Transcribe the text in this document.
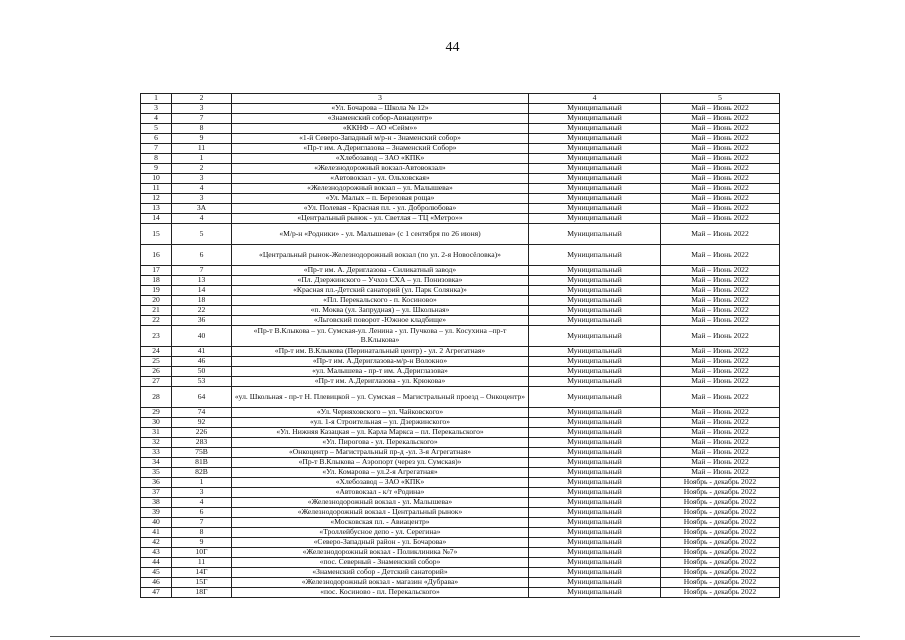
44
1	2	3	4	5
3	3	«Ул. Бочарова – Школа № 12»	Муниципальный	Май – Июнь 2022
4	7	«Знаменский собор-Авиацентр»	Муниципальный	Май – Июнь 2022
5	8	«ККНФ – АО «Сейм»»	Муниципальный	Май – Июнь 2022
6	9	«1-й Северо-Западный м/р-н - Знаменский собор»	Муниципальный	Май – Июнь 2022
7	11	«Пр-т им. А.Дериглазова – Знаменский Собор»	Муниципальный	Май – Июнь 2022
8	1	«Хлебозавод – ЗАО «КПК»	Муниципальный	Май – Июнь 2022
9	2	«Железнодорожный вокзал-Автовокзал»	Муниципальный	Май – Июнь 2022
10	3	«Автовокзал - ул. Ольховская»	Муниципальный	Май – Июнь 2022
11	4	«Железнодорожный вокзал – ул. Малышева»	Муниципальный	Май – Июнь 2022
12	3	«Ул. Малых – п. Березовая роща»	Муниципальный	Май – Июнь 2022
13	3А	«Ул. Полевая - Красная пл. - ул. Добролюбова»	Муниципальный	Май – Июнь 2022
14	4	«Центральный рынок - ул. Светлая – ТЦ «Метро»»	Муниципальный	Май – Июнь 2022
15	5	«М/р-н «Родники» - ул. Малышева» (с 1 сентября по 26 июня)	Муниципальный	Май – Июнь 2022
16	6	«Центральный рынок-Железнодорожный вокзал (по ул. 2-я Новосёловка)»	Муниципальный	Май – Июнь 2022
17	7	«Пр-т им. А. Дериглазова - Силикатный завод»	Муниципальный	Май – Июнь 2022
18	13	«Пл. Дзержинского – Учхоз СХА – ул. Понизовка»	Муниципальный	Май – Июнь 2022
19	14	«Красная пл.-Детский санаторий (ул. Парк Солянка)»	Муниципальный	Май – Июнь 2022
20	18	«Пл. Перекальского - п. Косиново»	Муниципальный	Май – Июнь 2022
21	22	«п. Моква (ул. Запрудная) – ул. Школьная»	Муниципальный	Май – Июнь 2022
22	36	«Льговский поворот -Южное кладбище»	Муниципальный	Май – Июнь 2022
23	40	«Пр-т В.Клыкова – ул. Сумская-ул. Ленина - ул. Пучкова – ул. Косухина –пр-т В.Клыкова»	Муниципальный	Май – Июнь 2022
24	41	«Пр-т им. В.Клыкова (Перинатальный центр) - ул. 2 Агрегатная»	Муниципальный	Май – Июнь 2022
25	46	«Пр-т им. А.Дериглазова-м/р-н Волокно»	Муниципальный	Май – Июнь 2022
26	50	«ул. Малышева - пр-т им. А.Дериглазова»	Муниципальный	Май – Июнь 2022
27	53	«Пр-т им. А.Дериглазова - ул. Крюкова»	Муниципальный	Май – Июнь 2022
28	64	«ул. Школьная - пр-т Н. Плевицкой – ул. Сумская – Магистральный проезд – Онкоцентр»	Муниципальный	Май – Июнь 2022
29	74	«Ул. Черняховского – ул. Чайковского»	Муниципальный	Май – Июнь 2022
30	92	«ул. 1-я Строительная – ул. Дзержинского»	Муниципальный	Май – Июнь 2022
31	226	«Ул. Нижняя Казацкая – ул. Карла Маркса – пл. Перекальского»	Муниципальный	Май – Июнь 2022
32	283	«Ул. Пирогова - ул. Перекальского»	Муниципальный	Май – Июнь 2022
33	75В	«Онкоцентр – Магистральный пр-д -ул. 3-я Агрегатная»	Муниципальный	Май – Июнь 2022
34	81В	«Пр-т В.Клыкова – Аэропорт (через ул. Сумская)»	Муниципальный	Май – Июнь 2022
35	82В	«Ул. Комарова – ул.2-я Агрегатная»	Муниципальный	Май – Июнь 2022
36	1	«Хлебозавод – ЗАО «КПК»	Муниципальный	Ноябрь - декабрь 2022
37	3	«Автовокзал - к/т «Родина»	Муниципальный	Ноябрь - декабрь 2022
38	4	«Железнодорожный вокзал - ул. Малышева»	Муниципальный	Ноябрь - декабрь 2022
39	6	«Железнодорожный вокзал - Центральный рынок»	Муниципальный	Ноябрь - декабрь 2022
40	7	«Московская пл. - Авиацентр»	Муниципальный	Ноябрь - декабрь 2022
41	8	«Троллейбусное депо - ул. Серегина»	Муниципальный	Ноябрь - декабрь 2022
42	9	«Северо-Западный район - ул. Бочарова»	Муниципальный	Ноябрь - декабрь 2022
43	10Г	«Железнодорожный вокзал - Поликлиника №7»	Муниципальный	Ноябрь - декабрь 2022
44	11	«пос. Северный - Знаменский собор»	Муниципальный	Ноябрь - декабрь 2022
45	14Г	«Знаменский собор - Детский санаторий»	Муниципальный	Ноябрь - декабрь 2022
46	15Г	«Железнодорожный вокзал - магазин «Дубрава»	Муниципальный	Ноябрь - декабрь 2022
47	18Г	«пос. Косиново - пл. Перекальского»	Муниципальный	Ноябрь - декабрь 2022
